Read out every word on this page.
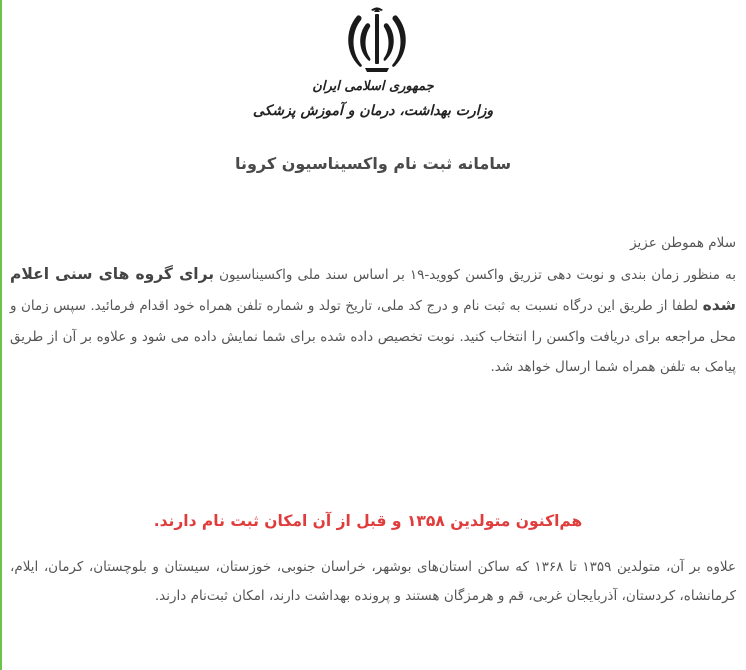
جمهوری اسلامی ایران
وزارت بهداشت، درمان و آموزش پزشکی
سامانه ثبت نام واکسیناسیون کرونا

سلام هموطن عزیز

به منظور زمان بندی و نوبت دهی تزریق واکسن کووید-۱۹ بر اساس سند ملی واکسیناسیون برای گروه های سنی اعلام شده لطفا از طریق این درگاه نسبت به ثبت نام و درج کد ملی، تاریخ تولد و شماره تلفن همراه خود اقدام فرمائید. سپس زمان و محل مراجعه برای دریافت واکسن را انتخاب کنید. نوبت تخصیص داده شده برای شما نمایش داده می شود و علاوه بر آن از طریق پیامک به تلفن همراه شما ارسال خواهد شد.

هم‌اکنون متولدین ۱۳۵۸ و قبل از آن امکان ثبت نام دارند.

علاوه بر آن، متولدین ۱۳۵۹ تا ۱۳۶۸ که ساکن استان‌های بوشهر، خراسان جنوبی، خوزستان، سیستان و بلوچستان، کرمان، ایلام، کرمانشاه، کردستان، آذربایجان غربی، قم و هرمزگان هستند و پرونده بهداشت دارند، امکان ثبت‌نام دارند.
